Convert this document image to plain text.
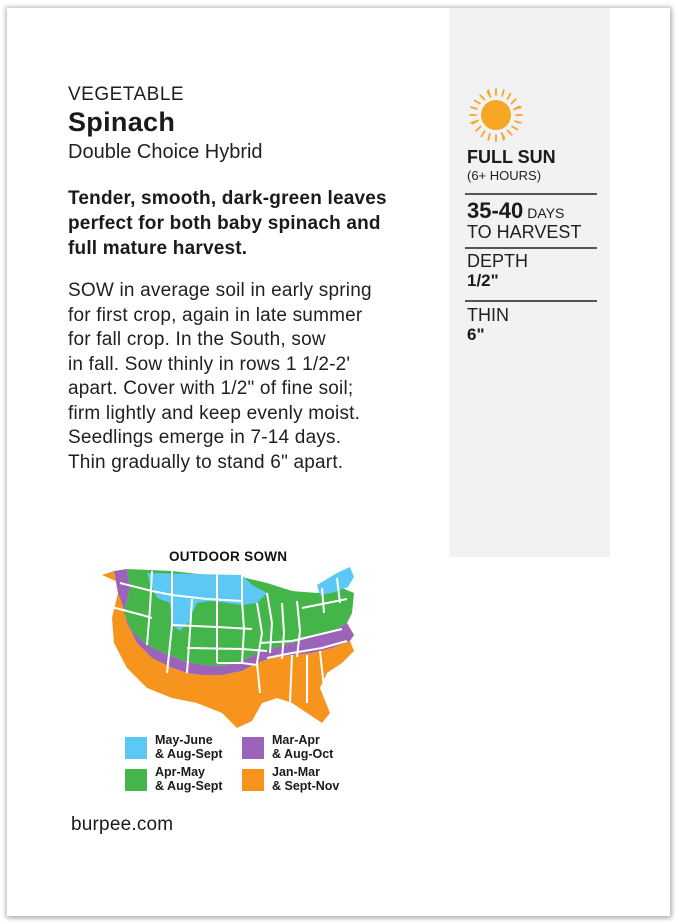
FULL SUN
(6+ HOURS)
35-40 DAYS
TO HARVEST
DEPTH
1/2"
THIN
6"
VEGETABLE
Spinach
Double Choice Hybrid
Tender, smooth, dark-green leaves
perfect for both baby spinach and
full mature harvest.
SOW in average soil in early spring
for first crop, again in late summer
for fall crop. In the South, sow
in fall. Sow thinly in rows 1 1/2-2'
apart. Cover with 1/2" of fine soil;
firm lightly and keep evenly moist.
Seedlings emerge in 7-14 days.
Thin gradually to stand 6" apart.
OUTDOOR SOWN
May-June
& Aug-Sept
Mar-Apr
& Aug-Oct
Apr-May
& Aug-Sept
Jan-Mar
& Sept-Nov
burpee.com
